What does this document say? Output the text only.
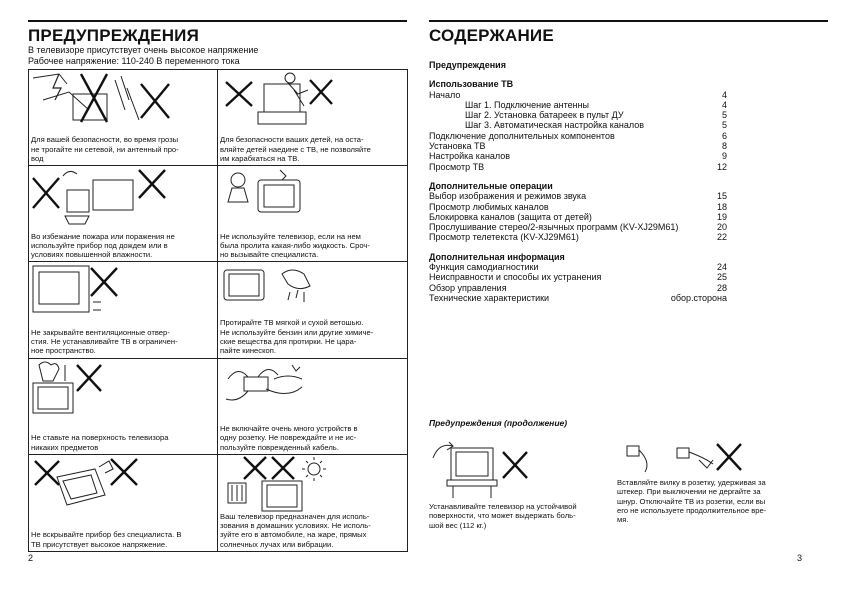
ПРЕДУПРЕЖДЕНИЯ
В телевизоре присутствует очень высокое напряжение
Рабочее напряжение: 110-240 В переменного тока
Для вашей безопасности, во время грозы
не трогайте ни сетевой, ни антенный про-
вод
Для безопасности ваших детей, на оста-
вляйте детей наедине с ТВ, не позволяйте
им карабкаться на ТВ.
Во избежание пожара или поражения не
используйте прибор под дождем или в
условиях повышенной влажности.
Не используйте телевизор, если на нем
была пролита какая-либо жидкость. Сроч-
но вызывайте специалиста.
Не закрывайте вентиляционные отвер-
стия. Не устанавливайте ТВ в ограничен-
ное пространство.
Протирайте ТВ мягкой и сухой ветошью.
Не используйте бензин или другие химиче-
ские вещества для протирки. Не цара-
пайте кинескоп.
Не ставьте на поверхность телевизора
никаких предметов
Не включайте очень много устройств в
одну розетку. Не повреждайте и не ис-
пользуйте поврежденный кабель.
Не вскрывайте прибор без специалиста. В
ТВ присутствует высокое напряжение.
Ваш телевизор предназначен для исполь-
зования в домашних условиях. Не исполь-
зуйте его в автомобиле, на жаре, прямых
солнечных лучах или вибрации.
2
СОДЕРЖАНИЕ
Предупреждения
Использование ТВ
Начало	4
Шаг 1. Подключение антенны	4
Шаг 2. Установка батареек в пульт ДУ	5
Шаг 3. Автоматическая настройка каналов	5
Подключение дополнительных компонентов	6
Установка ТВ	8
Настройка каналов	9
Просмотр ТВ	12
Дополнительные операции
Выбор изображения и режимов звука	15
Просмотр любимых каналов	18
Блокировка каналов (защита от детей)	19
Прослушивание стерео/2-язычных программ (KV-XJ29M61)	20
Просмотр телетекста (KV-XJ29M61)	22
Дополнительная информация
Функция самодиагностики	24
Неисправности и способы их устранения	25
Обзор управления	28
Технические характеристики	обор.сторона
Предупреждения (продолжение)
Устанавливайте телевизор на устойчивой
поверхности, что может выдержать боль-
шой вес (112 кг.)
Вставляйте вилку в розетку, удерживая за
штекер. При выключении не дергайте за
шнур. Отключайте ТВ из розетки, если вы
его не используете продолжительное вре-
мя.
3
